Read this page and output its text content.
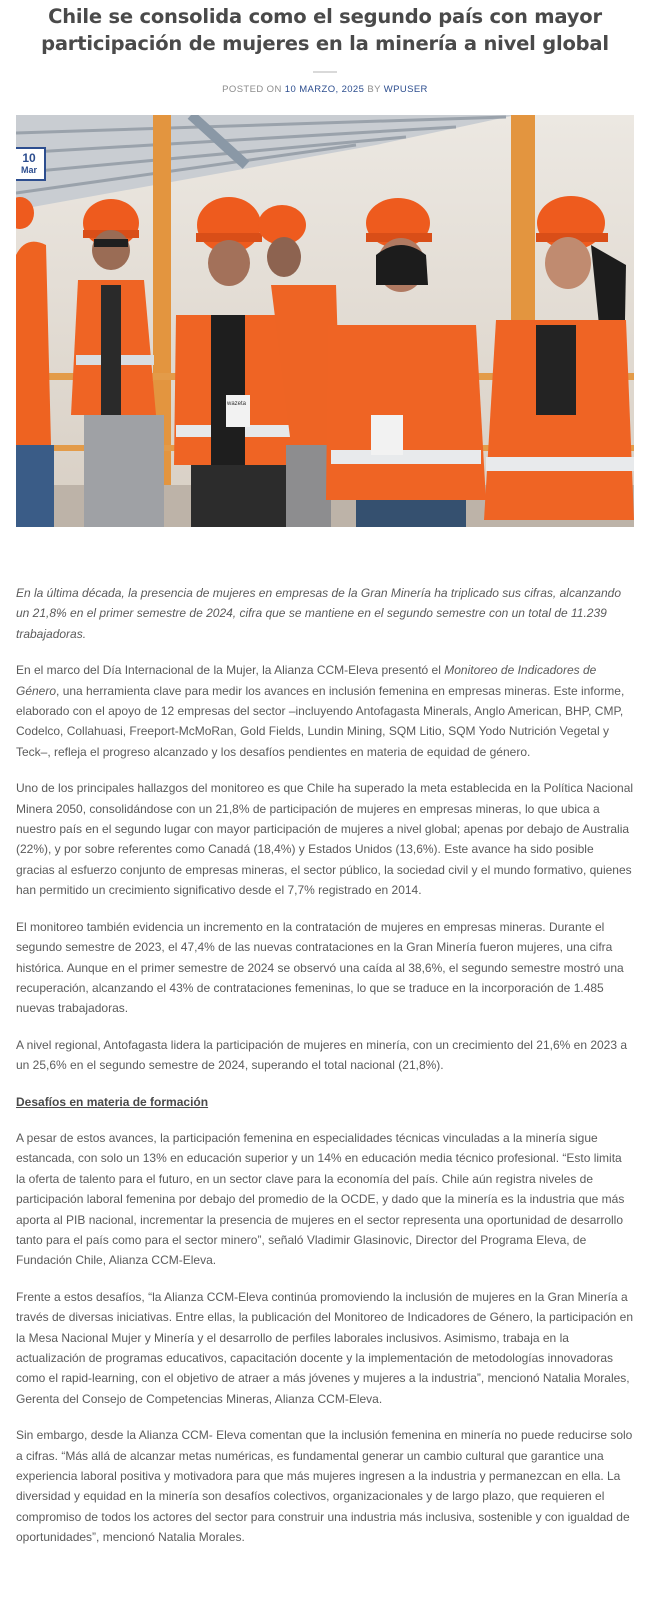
Chile se consolida como el segundo país con mayor participación de mujeres en la minería a nivel global
POSTED ON 10 MARZO, 2025 BY WPUSER
wazeta
10
Mar

En la última década, la presencia de mujeres en empresas de la Gran Minería ha triplicado sus cifras, alcanzando un 21,8% en el primer semestre de 2024, cifra que se mantiene en el segundo semestre con un total de 11.239 trabajadoras.

En el marco del Día Internacional de la Mujer, la Alianza CCM-Eleva presentó el Monitoreo de Indicadores de Género, una herramienta clave para medir los avances en inclusión femenina en empresas mineras. Este informe, elaborado con el apoyo de 12 empresas del sector –incluyendo Antofagasta Minerals, Anglo American, BHP, CMP, Codelco, Collahuasi, Freeport-McMoRan, Gold Fields, Lundin Mining, SQM Litio, SQM Yodo Nutrición Vegetal y Teck–, refleja el progreso alcanzado y los desafíos pendientes en materia de equidad de género.

Uno de los principales hallazgos del monitoreo es que Chile ha superado la meta establecida en la Política Nacional Minera 2050, consolidándose con un 21,8% de participación de mujeres en empresas mineras, lo que ubica a nuestro país en el segundo lugar con mayor participación de mujeres a nivel global; apenas por debajo de Australia (22%), y por sobre referentes como Canadá (18,4%) y Estados Unidos (13,6%). Este avance ha sido posible gracias al esfuerzo conjunto de empresas mineras, el sector público, la sociedad civil y el mundo formativo, quienes han permitido un crecimiento significativo desde el 7,7% registrado en 2014.

El monitoreo también evidencia un incremento en la contratación de mujeres en empresas mineras. Durante el segundo semestre de 2023, el 47,4% de las nuevas contrataciones en la Gran Minería fueron mujeres, una cifra histórica. Aunque en el primer semestre de 2024 se observó una caída al 38,6%, el segundo semestre mostró una recuperación, alcanzando el 43% de contrataciones femeninas, lo que se traduce en la incorporación de 1.485 nuevas trabajadoras.

A nivel regional, Antofagasta lidera la participación de mujeres en minería, con un crecimiento del 21,6% en 2023 a un 25,6% en el segundo semestre de 2024, superando el total nacional (21,8%).

Desafíos en materia de formación

A pesar de estos avances, la participación femenina en especialidades técnicas vinculadas a la minería sigue estancada, con solo un 13% en educación superior y un 14% en educación media técnico profesional. “Esto limita la oferta de talento para el futuro, en un sector clave para la economía del país. Chile aún registra niveles de participación laboral femenina por debajo del promedio de la OCDE, y dado que la minería es la industria que más aporta al PIB nacional, incrementar la presencia de mujeres en el sector representa una oportunidad de desarrollo tanto para el país como para el sector minero”, señaló Vladimir Glasinovic, Director del Programa Eleva, de Fundación Chile, Alianza CCM-Eleva.

Frente a estos desafíos, “la Alianza CCM-Eleva continúa promoviendo la inclusión de mujeres en la Gran Minería a través de diversas iniciativas. Entre ellas, la publicación del Monitoreo de Indicadores de Género, la participación en la Mesa Nacional Mujer y Minería y el desarrollo de perfiles laborales inclusivos. Asimismo, trabaja en la actualización de programas educativos, capacitación docente y la implementación de metodologías innovadoras como el rapid-learning, con el objetivo de atraer a más jóvenes y mujeres a la industria”, mencionó Natalia Morales, Gerenta del Consejo de Competencias Mineras, Alianza CCM-Eleva.

Sin embargo, desde la Alianza CCM- Eleva comentan que la inclusión femenina en minería no puede reducirse solo a cifras. “Más allá de alcanzar metas numéricas, es fundamental generar un cambio cultural que garantice una experiencia laboral positiva y motivadora para que más mujeres ingresen a la industria y permanezcan en ella. La diversidad y equidad en la minería son desafíos colectivos, organizacionales y de largo plazo, que requieren el compromiso de todos los actores del sector para construir una industria más inclusiva, sostenible y con igualdad de oportunidades”, mencionó Natalia Morales.
